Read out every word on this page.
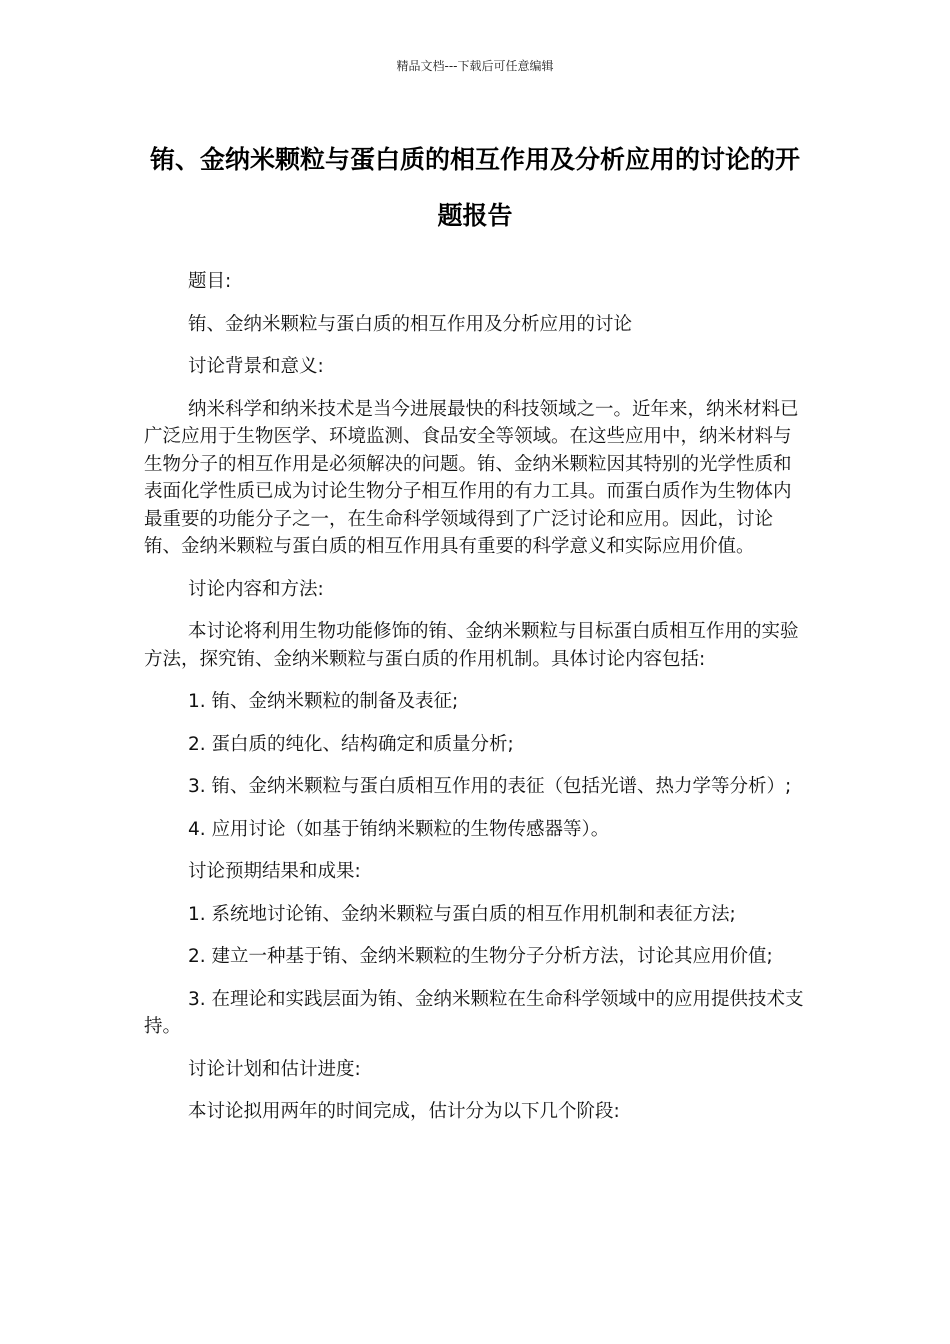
精品文档---下载后可任意编辑
铕、金纳米颗粒与蛋白质的相互作用及分析应用的讨论的开题报告

题目:

铕、金纳米颗粒与蛋白质的相互作用及分析应用的讨论

讨论背景和意义:

纳米科学和纳米技术是当今进展最快的科技领域之一。近年来，纳米材料已广泛应用于生物医学、环境监测、食品安全等领域。在这些应用中，纳米材料与生物分子的相互作用是必须解决的问题。铕、金纳米颗粒因其特别的光学性质和表面化学性质已成为讨论生物分子相互作用的有力工具。而蛋白质作为生物体内最重要的功能分子之一，在生命科学领域得到了广泛讨论和应用。因此，讨论铕、金纳米颗粒与蛋白质的相互作用具有重要的科学意义和实际应用价值。

讨论内容和方法:

本讨论将利用生物功能修饰的铕、金纳米颗粒与目标蛋白质相互作用的实验方法，探究铕、金纳米颗粒与蛋白质的作用机制。具体讨论内容包括:

1. 铕、金纳米颗粒的制备及表征;

2. 蛋白质的纯化、结构确定和质量分析;

3. 铕、金纳米颗粒与蛋白质相互作用的表征（包括光谱、热力学等分析）;

4. 应用讨论（如基于铕纳米颗粒的生物传感器等）。

讨论预期结果和成果:

1. 系统地讨论铕、金纳米颗粒与蛋白质的相互作用机制和表征方法;

2. 建立一种基于铕、金纳米颗粒的生物分子分析方法，讨论其应用价值;

3. 在理论和实践层面为铕、金纳米颗粒在生命科学领域中的应用提供技术支持。

讨论计划和估计进度:

本讨论拟用两年的时间完成，估计分为以下几个阶段:
